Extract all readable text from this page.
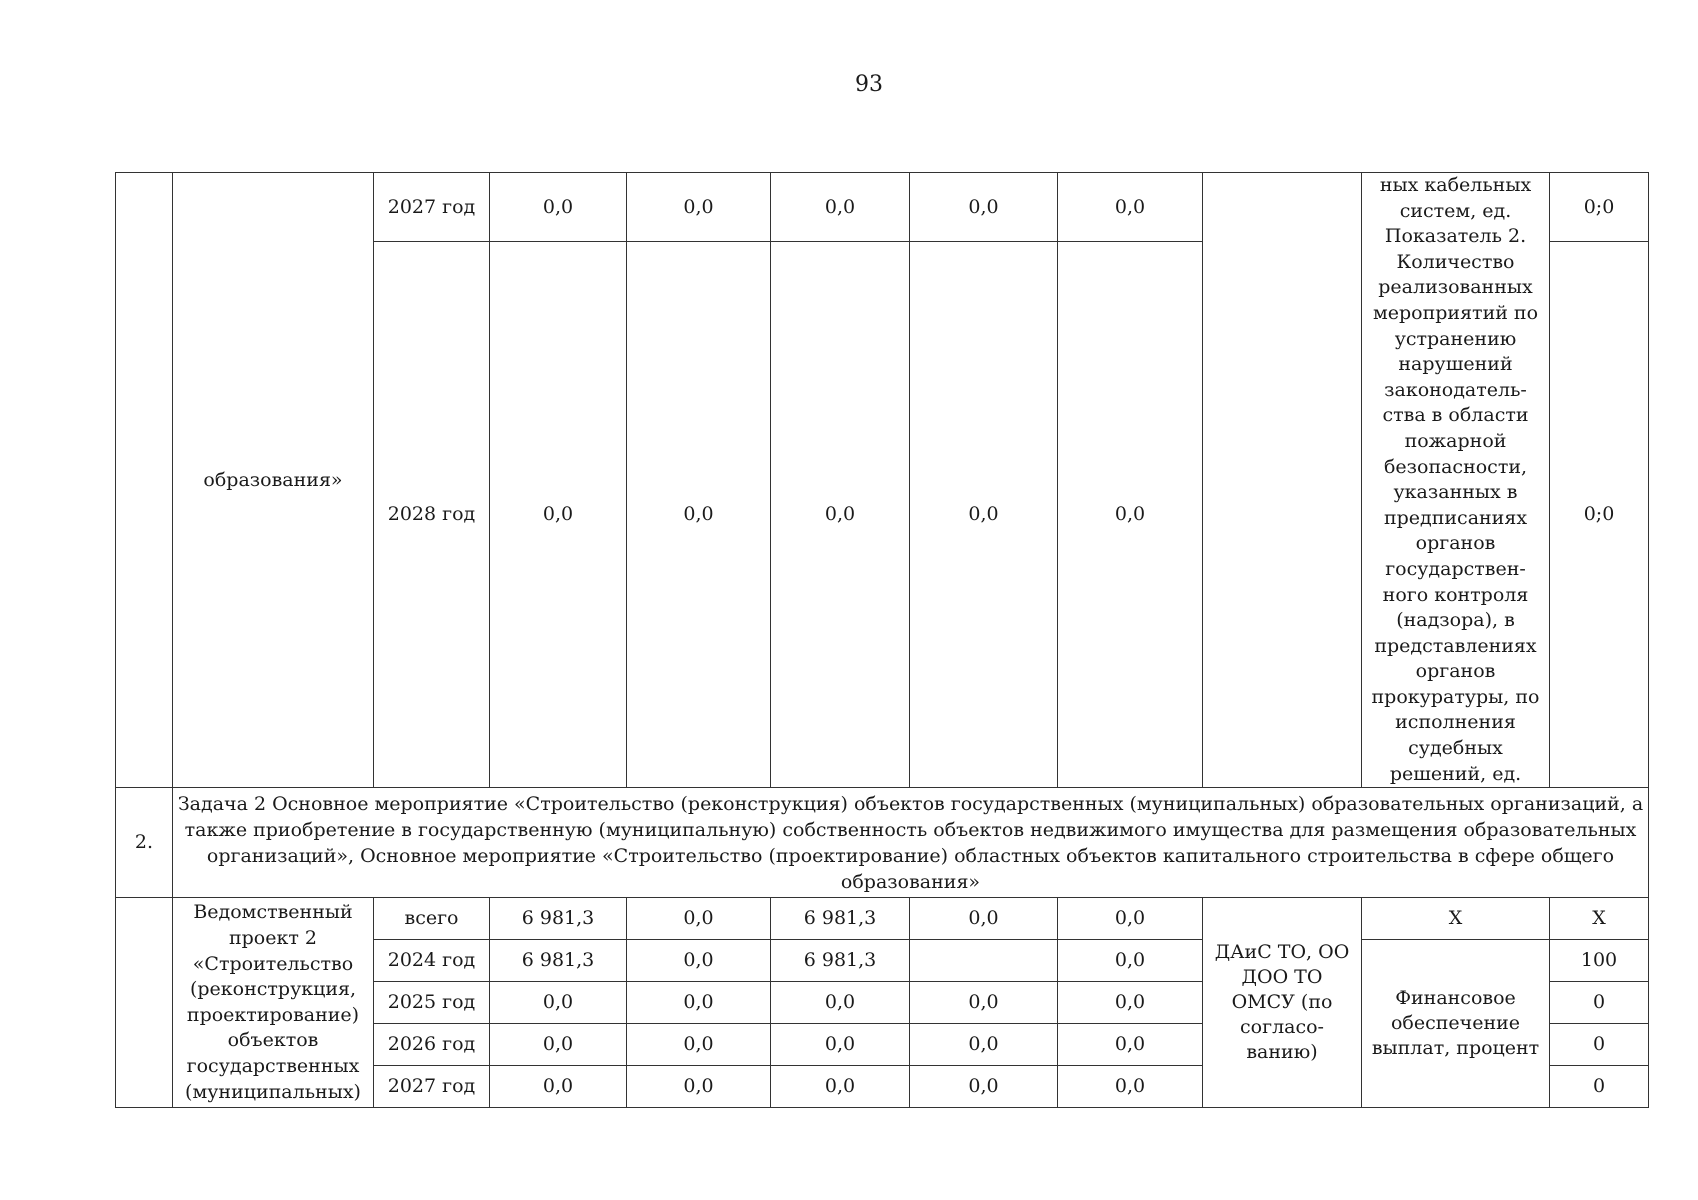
93
	образования»	2027 год	0,0	0,0	0,0	0,0	0,0		ных кабельных систем, ед. Показатель 2. Количество реализованных мероприятий по устранению нарушений законодатель-ства в области пожарной безопасности, указанных в предписаниях органов государствен-ного контроля (надзора), в представлениях органов прокуратуры, по исполнения судебных решений, ед.	0;0
		2028 год	0,0	0,0	0,0	0,0	0,0			0;0
2.	Задача 2 Основное мероприятие «Строительство (реконструкция) объектов государственных (муниципальных) образовательных организаций, а также приобретение в государственную (муниципальную) собственность объектов недвижимого имущества для размещения образовательных организаций», Основное мероприятие «Строительство (проектирование) областных объектов капитального строительства в сфере общего образования»									
	Ведомственный проект 2 «Строительство (реконструкция, проектирование) объектов государственных (муниципальных)	всего	6 981,3	0,0	6 981,3	0,0	0,0	ДАиС ТО, ОО ДОО ТО ОМСУ (по согласо-ванию)	Х	Х
		2024 год	6 981,3	0,0	6 981,3		0,0		Финансовое обеспечение выплат, процент	100
		2025 год	0,0	0,0	0,0	0,0	0,0			0
		2026 год	0,0	0,0	0,0	0,0	0,0			0
		2027 год	0,0	0,0	0,0	0,0	0,0			0
